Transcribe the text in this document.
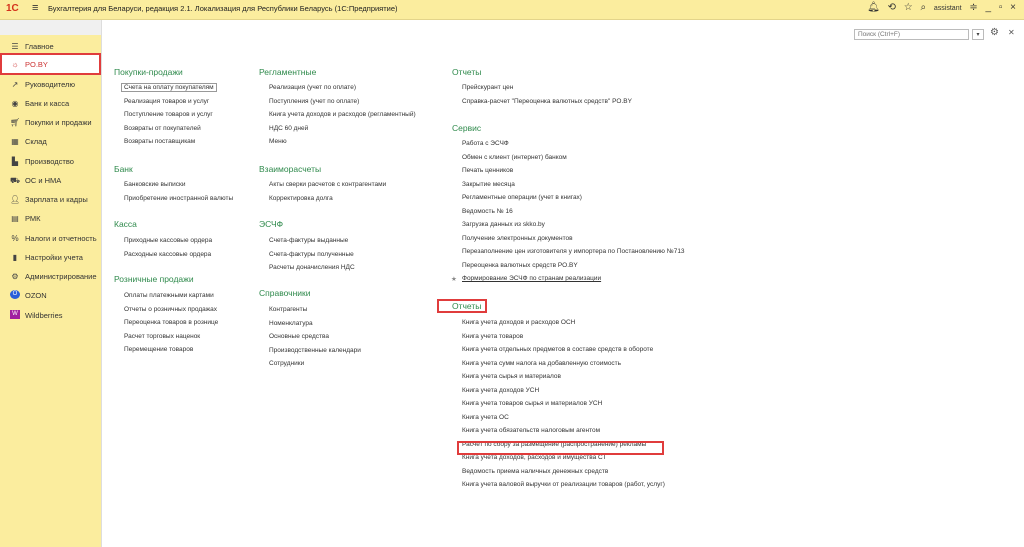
1С ≡ Бухгалтерия для Беларуси, редакция 2.1. Локализация для Республики Беларусь (1С:Предприятие)	🔔︎ ⟲ ☆ ⌕ assistant ≑ _ ▫ ×
☰ Главное
☼ PO.BY
↗ Руководителю
◉ Банк и касса
🛒︎ Покупки и продажи
▦ Склад
▙ Производство
⛟ ОС и НМА
👤︎ Зарплата и кадры
▤ РМК
% Налоги и отчетность
▮	Настройки учета
⚙ Администрирование
O	OZON
W Wildberries
Поиск (Ctrl+F)
▾	⚙ ✕
Покупки-продажи
Счета на оплату покупателям
Реализация товаров и услуг
Поступление товаров и услуг
Возвраты от покупателей
Возвраты поставщикам
Банк
Банковские выписки
Приобретение иностранной валюты
Касса
Приходные кассовые ордера
Расходные кассовые ордера
Розничные продажи
Оплаты платежными картами
Отчеты о розничных продажах
Переоценка товаров в рознице
Расчет торговых наценок
Перемещение товаров
Регламентные
Реализация (учет по оплате)
Поступления (учет по оплате)
Книга учета доходов и расходов (регламентный)
НДС 60 дней
Меню
Взаиморасчеты
Акты сверки расчетов с контрагентами
Корректировка долга
ЭСЧФ
Счета-фактуры выданные
Счета-фактуры полученные
Расчеты доначисления НДС
Справочники
Контрагенты
Номенклатура
Основные средства
Производственные календари
Сотрудники
Отчеты
Прейскурант цен
Справка-расчет "Переоценка валютных средств" PO.BY
Сервис
Работа с ЭСЧФ
Обмен с клиент (интернет) банком
Печать ценников
Закрытие месяца
Регламентные операции (учет в книгах)
Ведомость № 16
Загрузка данных из skko.by
Получение электронных документов
Перезаполнение цен изготовителя у импортера по Постановлению №713
Переоценка валютных средств PO.BY
★ Формирование ЭСЧФ по странам реализации
Отчеты
Книга учета доходов и расходов ОСН
Книга учета товаров
Книга учета отдельных предметов в составе средств в обороте
Книга учета сумм налога на добавленную стоимость
Книга учета сырья и материалов
Книга учета доходов УСН
Книга учета товаров сырья и материалов УСН
Книга учета ОС
Книга учета обязательств налоговым агентом
Расчет по сбору за размещение (распространение) рекламы
Книга учета доходов, расходов и имущества СТ
Ведомость приема наличных денежных средств
Книга учета валовой выручки от реализации товаров (работ, услуг)
